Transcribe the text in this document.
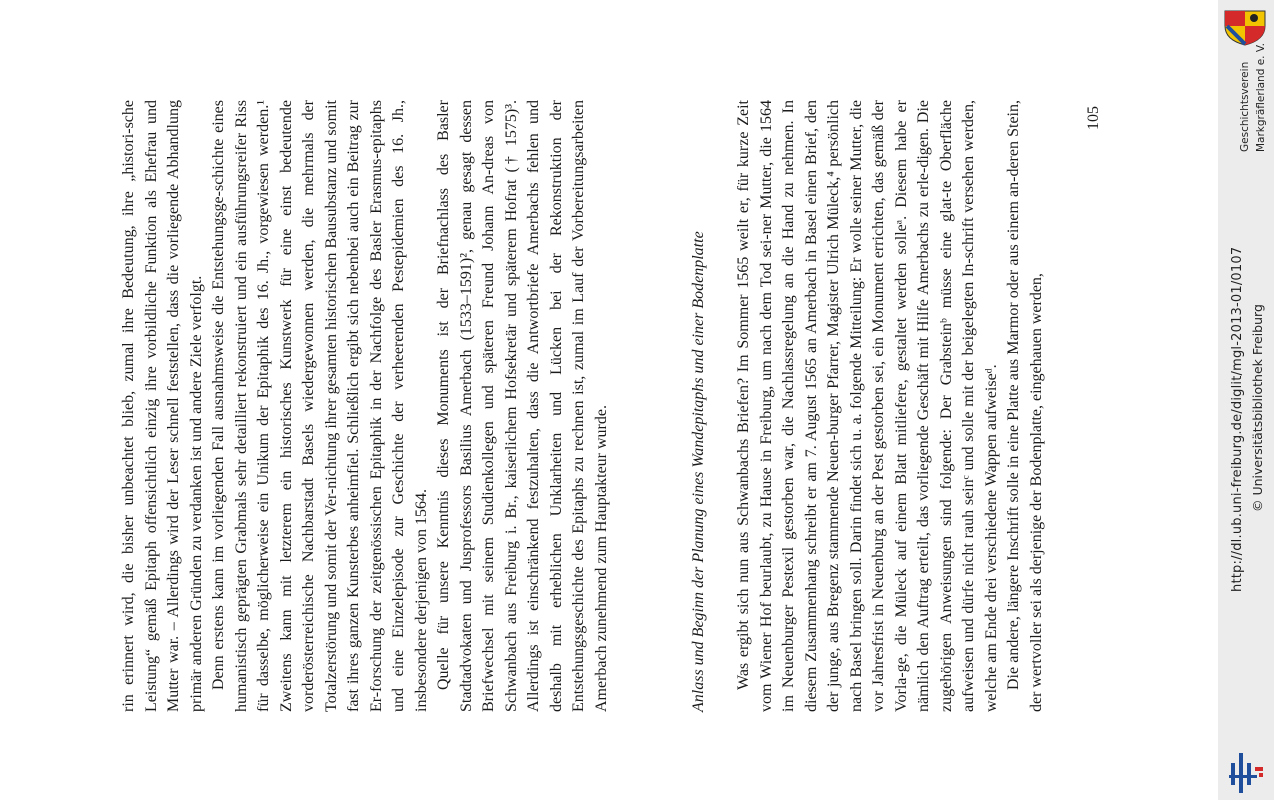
rin erinnert wird, die bisher unbeachtet blieb, zumal ihre Bedeutung, ihre „histori-sche Leistung“ gemäß Epitaph offensichtlich einzig ihre vorbildliche Funktion als Ehefrau und Mutter war. – Allerdings wird der Leser schnell feststellen, dass die vorliegende Abhandlung primär anderen Gründen zu verdanken ist und andere Ziele verfolgt. Denn erstens kann im vorliegenden Fall ausnahmsweise die Entstehungsge-schichte eines humanistisch geprägten Grabmals sehr detailliert rekonstruiert und ein ausführungsreifer Riss für dasselbe, möglicherweise ein Unikum der Epitaphik des 16. Jh., vorgewiesen werden.¹ Zweitens kann mit letzterem ein historisches Kunstwerk für eine einst bedeutende vorderösterreichische Nachbarstadt Basels wiedergewonnen werden, die mehrmals der Totalzerstörung und somit der Ver-nichtung ihrer gesamten historischen Bausubstanz und somit fast ihres ganzen Kunsterbes anheimfiel. Schließlich ergibt sich nebenbei auch ein Beitrag zur Er-forschung der zeitgenössischen Epitaphik in der Nachfolge des Basler Erasmus-epitaphs und eine Einzelepisode zur Geschichte der verheerenden Pestepidemien des 16. Jh., insbesondere derjenigen von 1564. Quelle für unsere Kenntnis dieses Monuments ist der Briefnachlass des Basler Stadtadvokaten und Jusprofessors Basilius Amerbach (1533–1591)², genau gesagt dessen Briefwechsel mit seinem Studienkollegen und späteren Freund Johann An-dreas von Schwanbach aus Freiburg i. Br., kaiserlichem Hofsekretär und späterem Hofrat († 1575)³. Allerdings ist einschränkend festzuhalten, dass die Antwortbriefe Amerbachs fehlen und deshalb mit erheblichen Unklarheiten und Lücken bei der Rekonstruktion der Entstehungsgeschichte des Epitaphs zu rechnen ist, zumal im Lauf der Vorbereitungsarbeiten Amerbach zunehmend zum Hauptakteur wurde.	Anlass und Beginn der Planung eines Wandepitaphs und einer Bodenplatte Was ergibt sich nun aus Schwanbachs Briefen? Im Sommer 1565 weilt er, für kurze Zeit vom Wiener Hof beurlaubt, zu Hause in Freiburg, um nach dem Tod sei-ner Mutter, die 1564 im Neuenburger Pestexil gestorben war, die Nachlassregelung an die Hand zu nehmen. In diesem Zusammenhang schreibt er am 7. August 1565 an Amerbach in Basel einen Brief, den der junge, aus Bregenz stammende Neuen-burger Pfarrer, Magister Ulrich Müleck,⁴ persönlich nach Basel bringen soll. Darin findet sich u. a. folgende Mitteilung: Er wolle seiner Mutter, die vor Jahresfrist in Neuenburg an der Pest gestorben sei, ein Monument errichten, das gemäß der Vorla-ge, die Müleck auf einem Blatt mitliefere, gestaltet werden solleᵃ. Diesem habe er nämlich den Auftrag erteilt, das vorliegende Geschäft mit Hilfe Amerbachs zu erle-digen. Die zugehörigen Anweisungen sind folgende: Der Grabsteinᵇ müsse eine glat-te Oberfläche aufweisen und dürfe nicht rauh seinᶜ und solle mit der beigelegten In-schrift versehen werden, welche am Ende drei verschiedene Wappen aufweiseᵈ. Die andere, längere Inschrift solle in eine Platte aus Marmor oder aus einem an-deren Stein, der wertvoller sei als derjenige der Bodenplatte, eingehauen werden,

105
http://dl.ub.uni-freiburg.de/diglit/mgl-2013-01/0107 © Universitätsbibliothek Freiburg
Geschichtsverein Markgräflerland e. V.
